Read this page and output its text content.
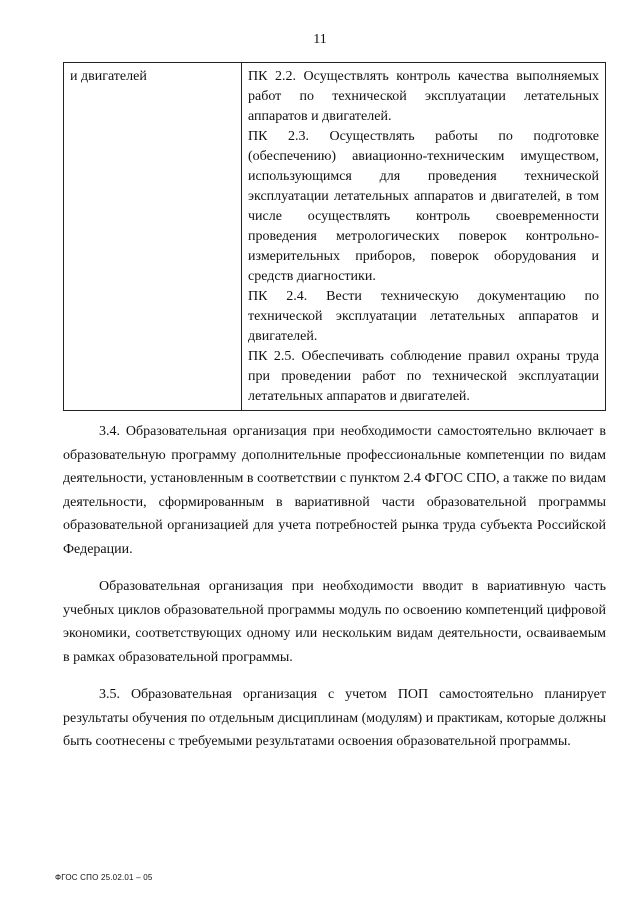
11
и двигателей	ПК 2.2. Осуществлять контроль качества выполняемых работ по технической эксплуатации летательных аппаратов и двигателей.

ПК 2.3. Осуществлять работы по подготовке (обеспечению) авиационно-техническим имуществом, использующимся для проведения технической эксплуатации летательных аппаратов и двигателей, в том числе осуществлять контроль своевременности проведения метрологических поверок контрольно-измерительных приборов, поверок оборудования и средств диагностики.

ПК 2.4. Вести техническую документацию по технической эксплуатации летательных аппаратов и двигателей.

ПК 2.5. Обеспечивать соблюдение правил охраны труда при проведении работ по технической эксплуатации летательных аппаратов и двигателей.

3.4. Образовательная организация при необходимости самостоятельно включает в образовательную программу дополнительные профессиональные компетенции по видам деятельности, установленным в соответствии с пунктом 2.4 ФГОС СПО, а также по видам деятельности, сформированным в вариативной части образовательной программы образовательной организацией для учета потребностей рынка труда субъекта Российской Федерации.

Образовательная организация при необходимости вводит в вариативную часть учебных циклов образовательной программы модуль по освоению компетенций цифровой экономики, соответствующих одному или нескольким видам деятельности, осваиваемым в рамках образовательной программы.

3.5. Образовательная организация с учетом ПОП самостоятельно планирует результаты обучения по отдельным дисциплинам (модулям) и практикам, которые должны быть соотнесены с требуемыми результатами освоения образовательной программы.

ФГОС СПО 25.02.01 – 05
